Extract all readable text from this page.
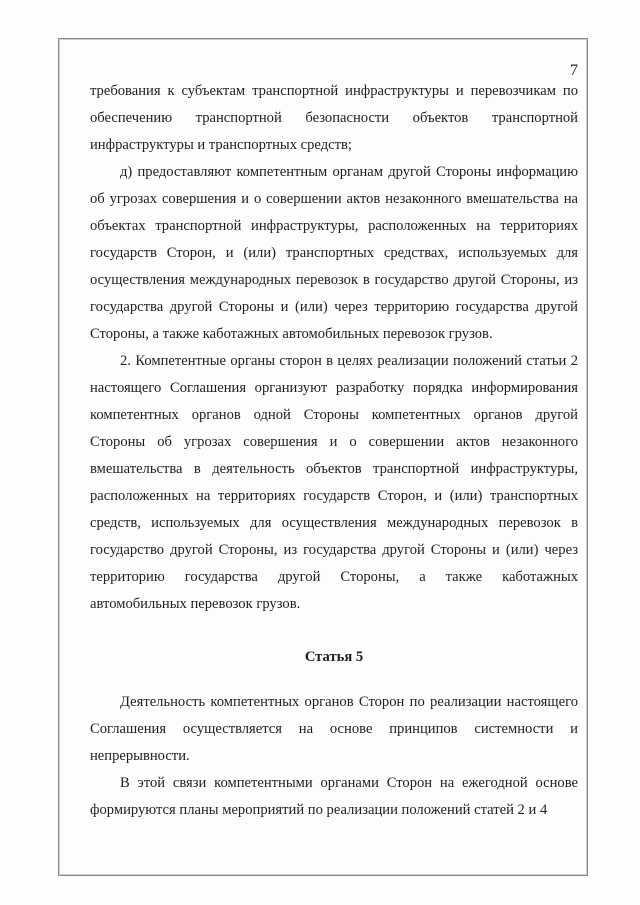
7

требования к субъектам транспортной инфраструктуры и перевозчикам по обеспечению транспортной безопасности объектов транспортной инфраструктуры и транспортных средств;

д) предоставляют компетентным органам другой Стороны информацию об угрозах совершения и о совершении актов незаконного вмешательства на объектах транспортной инфраструктуры, расположенных на территориях государств Сторон, и (или) транспортных средствах, используемых для осуществления международных перевозок в государство другой Стороны, из государства другой Стороны и (или) через территорию государства другой Стороны, а также каботажных автомобильных перевозок грузов.

2. Компетентные органы сторон в целях реализации положений статьи 2 настоящего Соглашения организуют разработку порядка информирования компетентных органов одной Стороны компетентных органов другой Стороны об угрозах совершения и о совершении актов незаконного вмешательства в деятельность объектов транспортной инфраструктуры, расположенных на территориях государств Сторон, и (или) транспортных средств, используемых для осуществления международных перевозок в государство другой Стороны, из государства другой Стороны и (или) через территорию государства другой Стороны, а также каботажных автомобильных перевозок грузов.

Статья 5

Деятельность компетентных органов Сторон по реализации настоящего Соглашения осуществляется на основе принципов системности и непрерывности.

В этой связи компетентными органами Сторон на ежегодной основе формируются планы мероприятий по реализации положений статей 2 и 4
